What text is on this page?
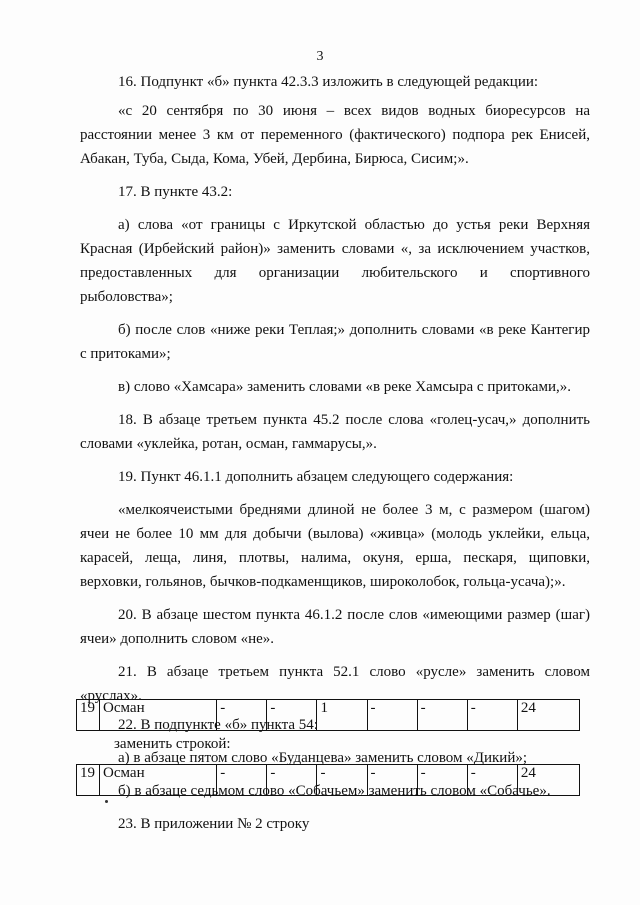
3

16. Подпункт «б» пункта 42.3.3 изложить в следующей редакции:

«с 20 сентября по 30 июня – всех видов водных биоресурсов на расстоянии менее 3 км от переменного (фактического) подпора рек Енисей, Абакан, Туба, Сыда, Кома, Убей, Дербина, Бирюса, Сисим;».

17. В пункте 43.2:

а) слова «от границы с Иркутской областью до устья реки Верхняя Красная (Ирбейский район)» заменить словами «, за исключением участков, предоставленных для организации любительского и спортивного рыболовства»;

б) после слов «ниже реки Теплая;» дополнить словами «в реке Кантегир с притоками»;

в) слово «Хамсара» заменить словами «в реке Хамсыра с притоками,».

18. В абзаце третьем пункта 45.2 после слова «голец-усач,» дополнить словами «уклейка, ротан, осман, гаммарусы,».

19. Пункт 46.1.1 дополнить абзацем следующего содержания:

«мелкоячеистыми бреднями длиной не более 3 м, с размером (шагом) ячеи не более 10 мм для добычи (вылова) «живца» (молодь уклейки, ельца, карасей, леща, линя, плотвы, налима, окуня, ерша, пескаря, щиповки, верховки, гольянов, бычков-подкаменщиков, широколобок, гольца-усача);».

20. В абзаце шестом пункта 46.1.2 после слов «имеющими размер (шаг) ячеи» дополнить словом «не».

21. В абзаце третьем пункта 52.1 слово «русле» заменить словом «руслах».

22. В подпункте «б» пункта 54:

а) в абзаце пятом слово «Буданцева» заменить словом «Дикий»;

б) в абзаце седьмом слово «Собачьем» заменить словом «Собачье».

23. В приложении № 2 строку

19	Осман	-	-	1	-	-	-	24
заменить строкой:
19	Осман	-	-	-	-	-	-	24
